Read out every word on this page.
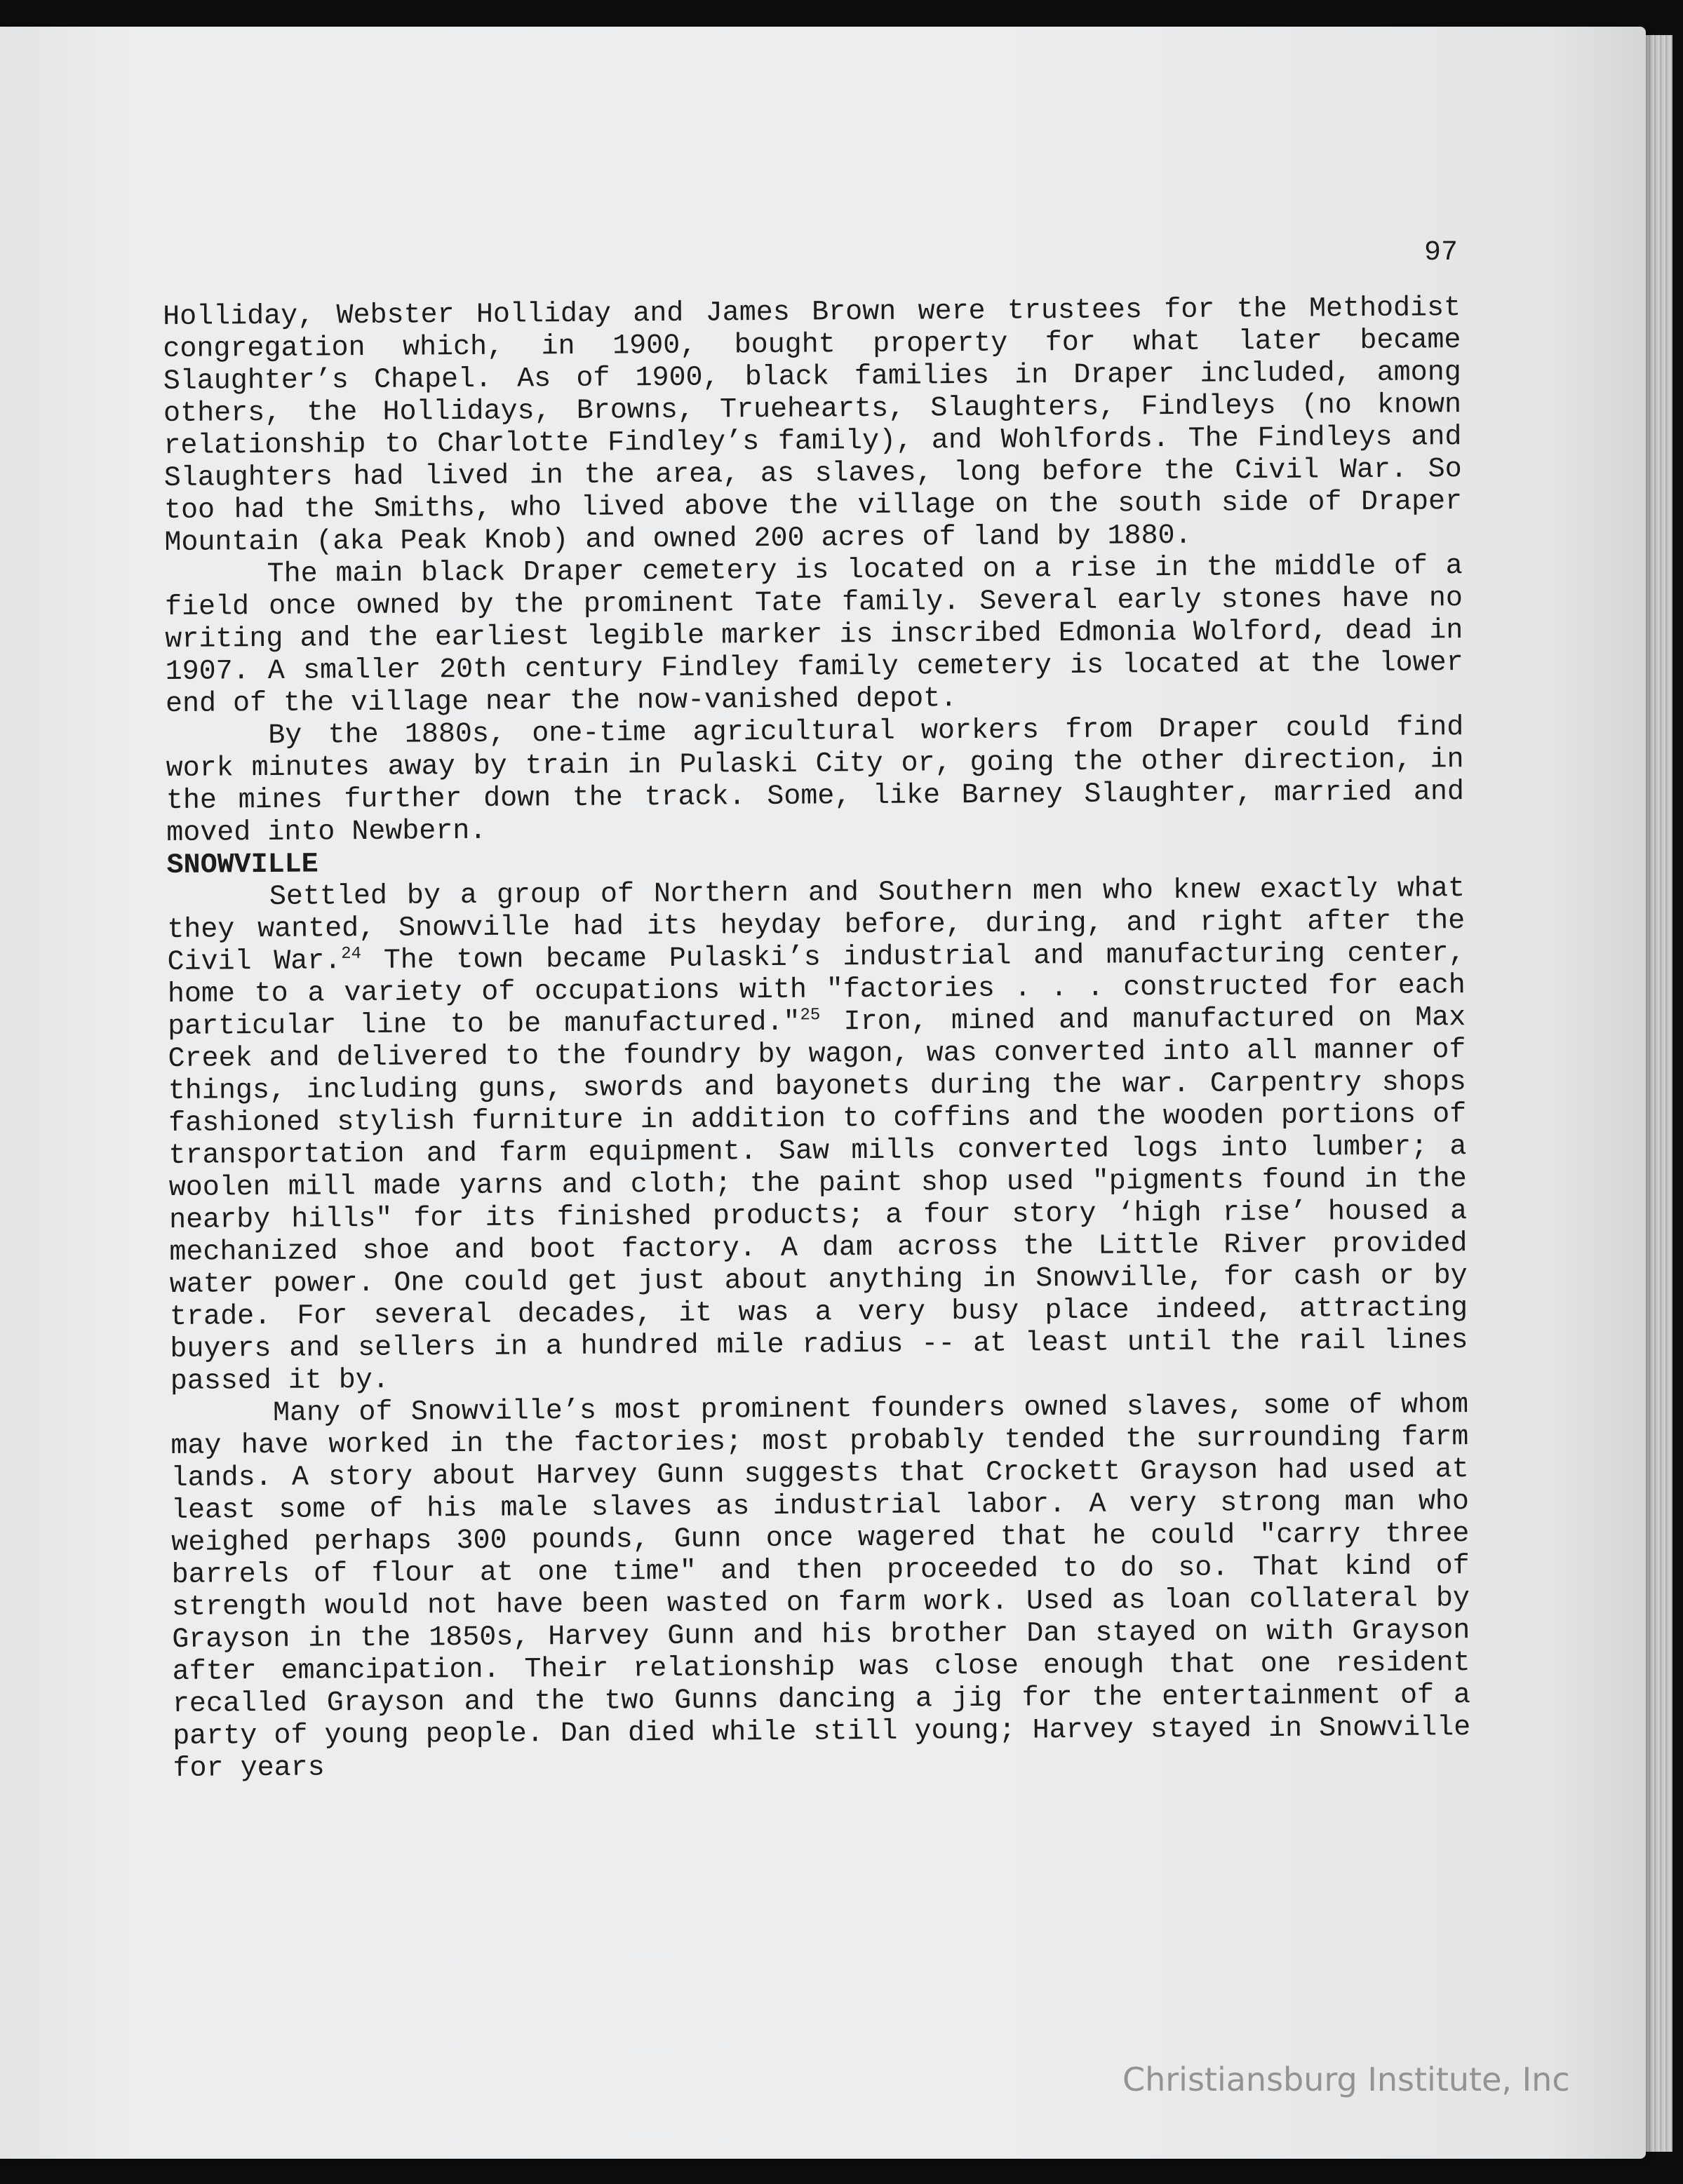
97

Holliday, Webster Holliday and James Brown were trustees for the Methodist congregation which, in 1900, bought property for what later became Slaughter’s Chapel. As of 1900, black families in Draper included, among others, the Hollidays, Browns, Truehearts, Slaughters, Findleys (no known relationship to Charlotte Findley’s family), and Wohlfords. The Findleys and Slaughters had lived in the area, as slaves, long before the Civil War. So too had the Smiths, who lived above the village on the south side of Draper Mountain (aka Peak Knob) and owned 200 acres of land by 1880.

The main black Draper cemetery is located on a rise in the middle of a field once owned by the prominent Tate family. Several early stones have no writing and the earliest legible marker is inscribed Edmonia Wolford, dead in 1907. A smaller 20th century Findley family cemetery is located at the lower end of the village near the now-vanished depot.

By the 1880s, one-time agricultural workers from Draper could find work minutes away by train in Pulaski City or, going the other direction, in the mines further down the track. Some, like Barney Slaughter, married and moved into Newbern.

SNOWVILLE

Settled by a group of Northern and Southern men who knew exactly what they wanted, Snowville had its heyday before, during, and right after the Civil War.$^{24}$ The town became Pulaski’s industrial and manufacturing center, home to a variety of occupations with "factories . . . constructed for each particular line to be manufactured."$^{25}$ Iron, mined and manufactured on Max Creek and delivered to the foundry by wagon, was converted into all manner of things, including guns, swords and bayonets during the war. Carpentry shops fashioned stylish furniture in addition to coffins and the wooden portions of transportation and farm equipment. Saw mills converted logs into lumber; a woolen mill made yarns and cloth; the paint shop used "pigments found in the nearby hills" for its finished products; a four story ‘high rise’ housed a mechanized shoe and boot factory. A dam across the Little River provided water power. One could get just about anything in Snowville, for cash or by trade. For several decades, it was a very busy place indeed, attracting buyers and sellers in a hundred mile radius -- at least until the rail lines passed it by.

Many of Snowville’s most prominent founders owned slaves, some of whom may have worked in the factories; most probably tended the surrounding farm lands. A story about Harvey Gunn suggests that Crockett Grayson had used at least some of his male slaves as industrial labor. A very strong man who weighed perhaps 300 pounds, Gunn once wagered that he could "carry three barrels of flour at one time" and then proceeded to do so. That kind of strength would not have been wasted on farm work. Used as loan collateral by Grayson in the 1850s, Harvey Gunn and his brother Dan stayed on with Grayson after emancipation. Their relationship was close enough that one resident recalled Grayson and the two Gunns dancing a jig for the entertainment of a party of young people. Dan died while still young; Harvey stayed in Snowville for years

Christiansburg Institute, Inc
